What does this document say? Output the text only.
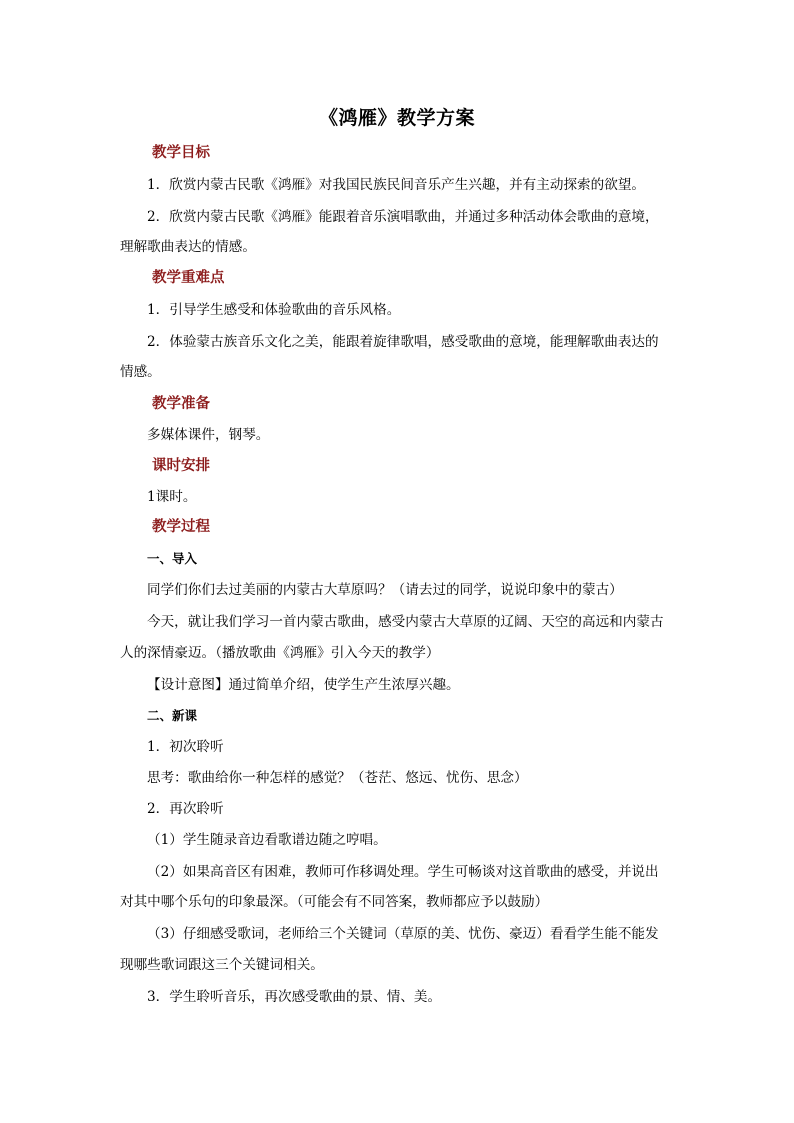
《鸿雁》教学方案
教学目标
1．欣赏内蒙古民歌《鸿雁》对我国民族民间音乐产生兴趣，并有主动探索的欲望。
2．欣赏内蒙古民歌《鸿雁》能跟着音乐演唱歌曲，并通过多种活动体会歌曲的意境，
理解歌曲表达的情感。
教学重难点
1．引导学生感受和体验歌曲的音乐风格。
2．体验蒙古族音乐文化之美，能跟着旋律歌唱，感受歌曲的意境，能理解歌曲表达的
情感。
教学准备
多媒体课件，钢琴。
课时安排
1课时。
教学过程
一、导入
同学们你们去过美丽的内蒙古大草原吗？（请去过的同学，说说印象中的蒙古）
今天，就让我们学习一首内蒙古歌曲，感受内蒙古大草原的辽阔、天空的高远和内蒙古
人的深情豪迈。（播放歌曲《鸿雁》引入今天的教学）
【设计意图】通过简单介绍，使学生产生浓厚兴趣。
二、新课
1．初次聆听
思考：歌曲给你一种怎样的感觉？（苍茫、悠远、忧伤、思念）
2．再次聆听
（1）学生随录音边看歌谱边随之哼唱。
（2）如果高音区有困难，教师可作移调处理。学生可畅谈对这首歌曲的感受，并说出
对其中哪个乐句的印象最深。（可能会有不同答案，教师都应予以鼓励）
（3）仔细感受歌词，老师给三个关键词（草原的美、忧伤、豪迈）看看学生能不能发
现哪些歌词跟这三个关键词相关。
3．学生聆听音乐，再次感受歌曲的景、情、美。
